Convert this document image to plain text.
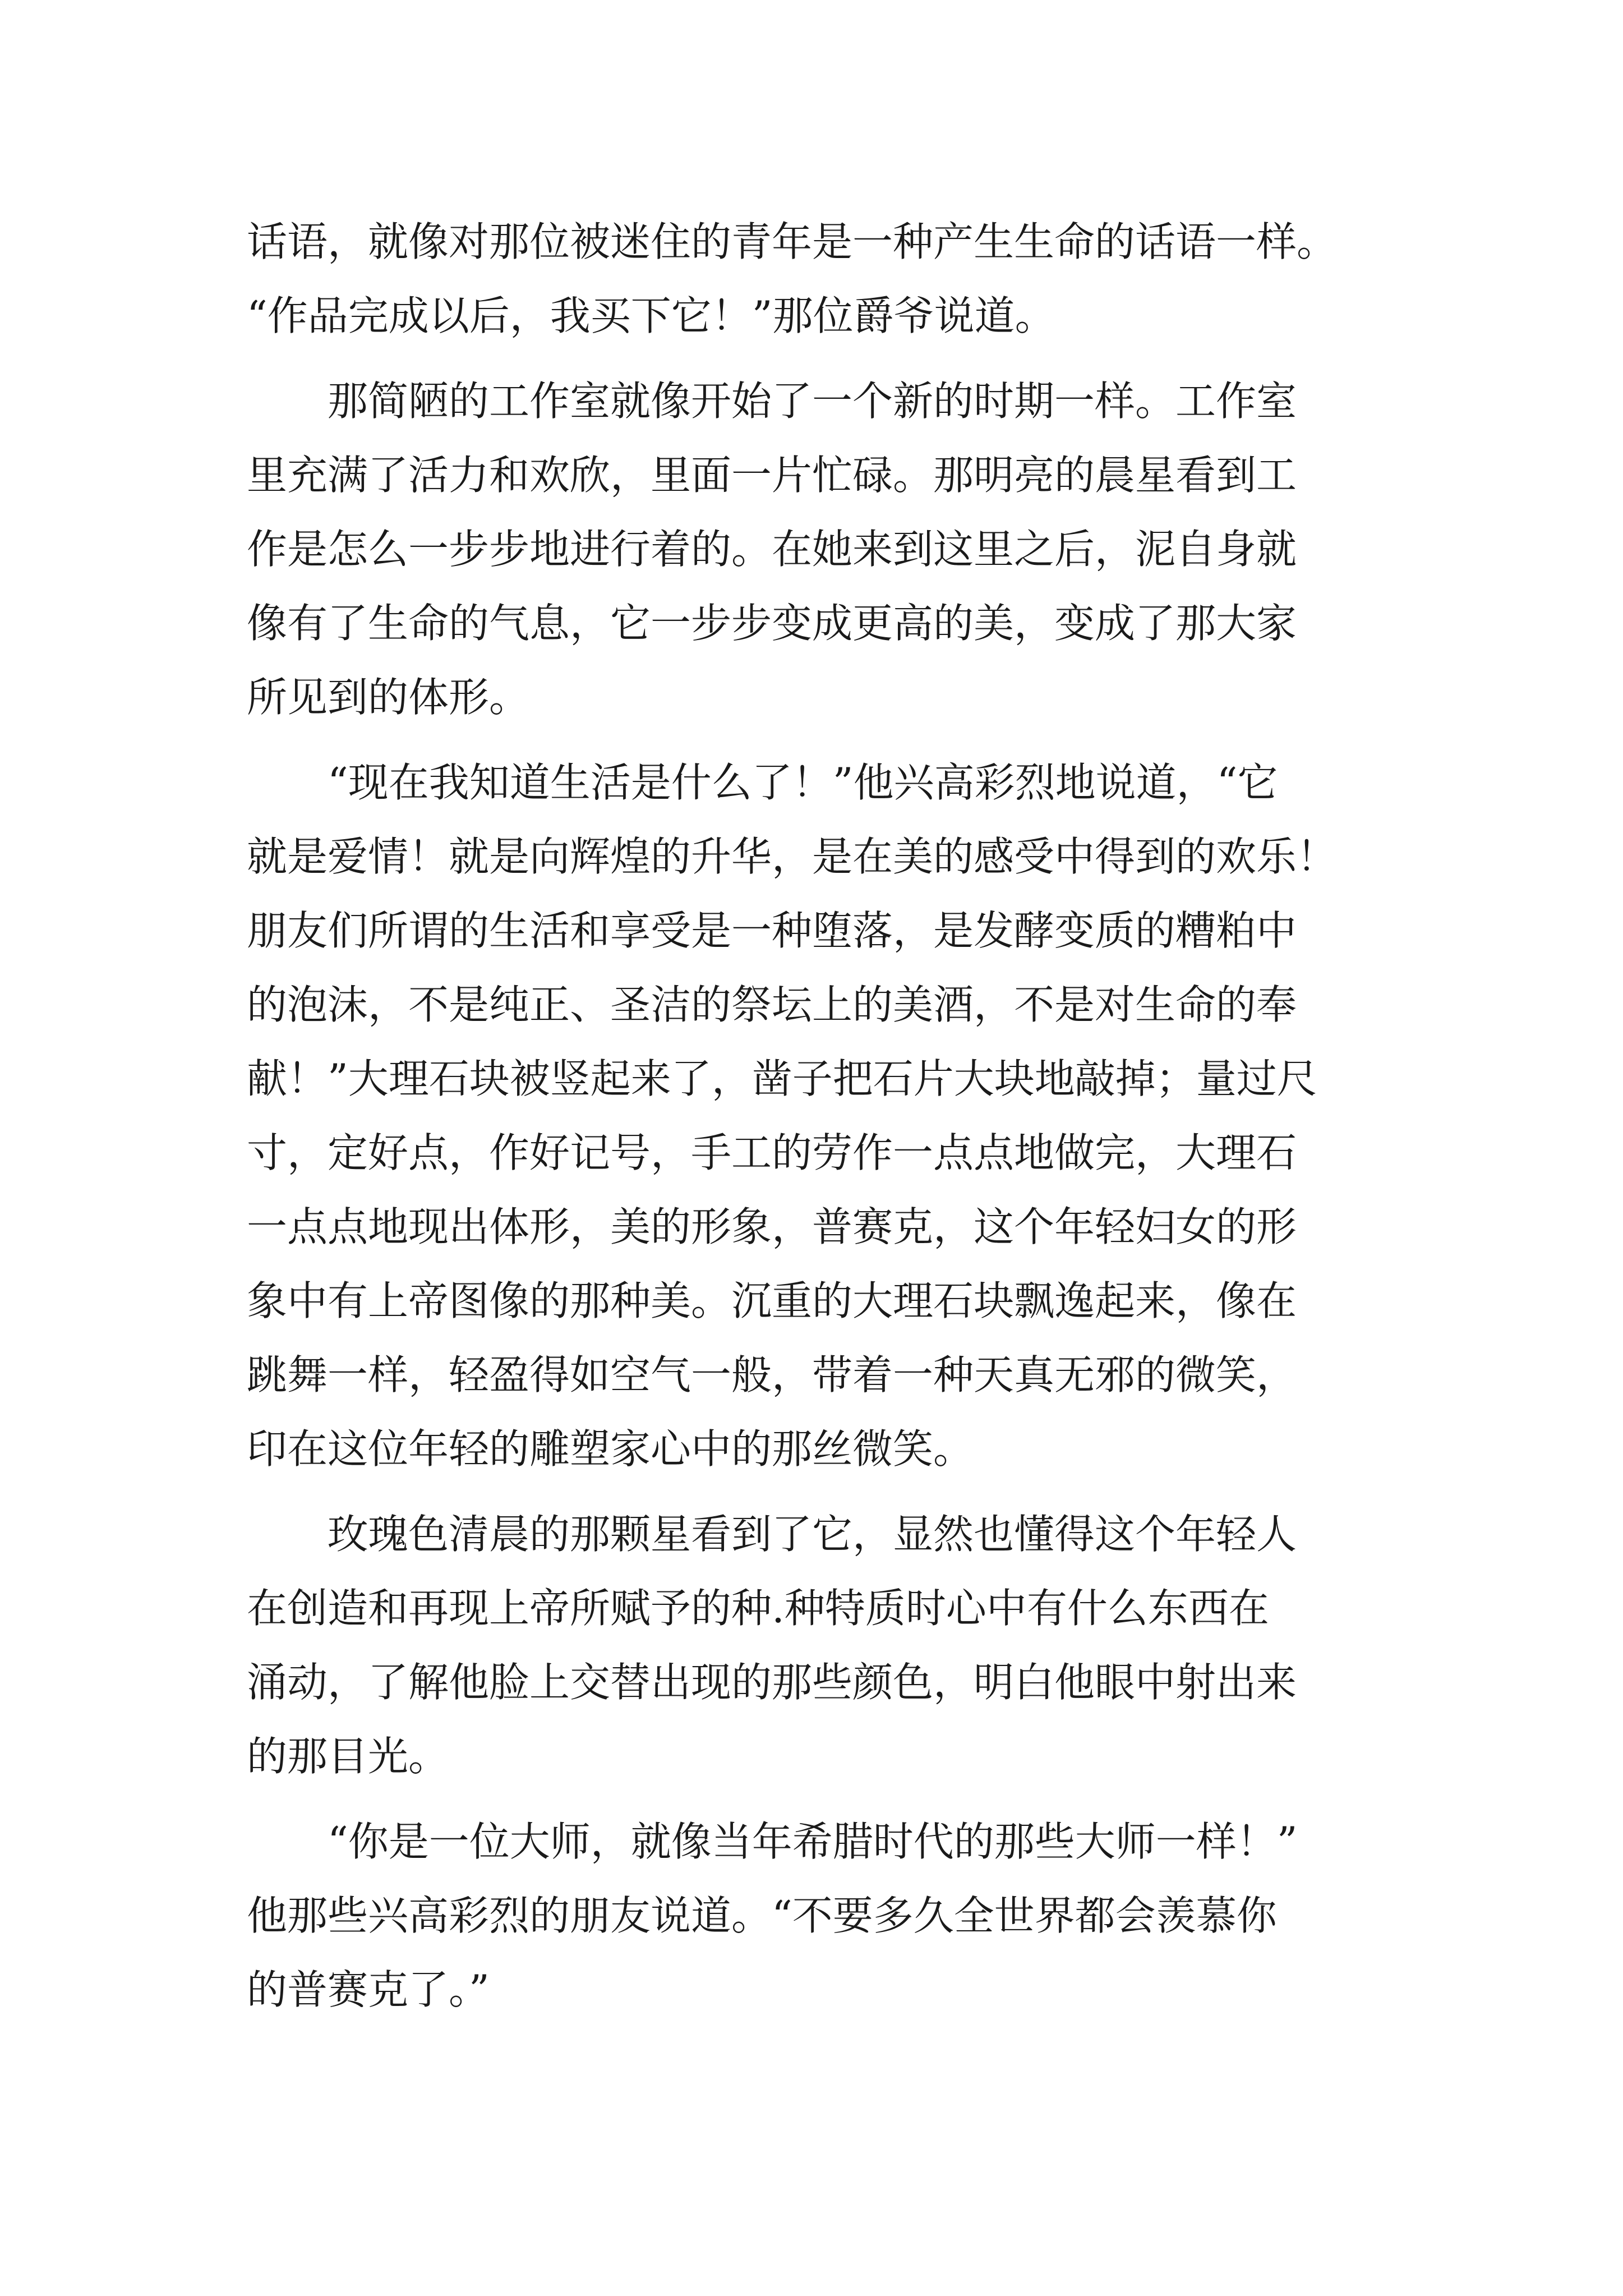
话语，就像对那位被迷住的青年是一种产生生命的话语一样。
“作品完成以后，我买下它！”那位爵爷说道。
　　那简陋的工作室就像开始了一个新的时期一样。工作室
里充满了活力和欢欣，里面一片忙碌。那明亮的晨星看到工
作是怎么一步步地进行着的。在她来到这里之后，泥自身就
像有了生命的气息，它一步步变成更高的美，变成了那大家
所见到的体形。
　　“现在我知道生活是什么了！”他兴高彩烈地说道，“它
就是爱情！就是向辉煌的升华，是在美的感受中得到的欢乐！
朋友们所谓的生活和享受是一种堕落，是发酵变质的糟粕中
的泡沫，不是纯正、圣洁的祭坛上的美酒，不是对生命的奉
献！”大理石块被竖起来了，凿子把石片大块地敲掉；量过尺
寸，定好点，作好记号，手工的劳作一点点地做完，大理石
一点点地现出体形，美的形象，普赛克，这个年轻妇女的形
象中有上帝图像的那种美。沉重的大理石块飘逸起来，像在
跳舞一样，轻盈得如空气一般，带着一种天真无邪的微笑，
印在这位年轻的雕塑家心中的那丝微笑。
　　玫瑰色清晨的那颗星看到了它，显然也懂得这个年轻人
在创造和再现上帝所赋予的种.种特质时心中有什么东西在
涌动，了解他脸上交替出现的那些颜色，明白他眼中射出来
的那目光。
　　“你是一位大师，就像当年希腊时代的那些大师一样！”
他那些兴高彩烈的朋友说道。“不要多久全世界都会羡慕你
的普赛克了。”
